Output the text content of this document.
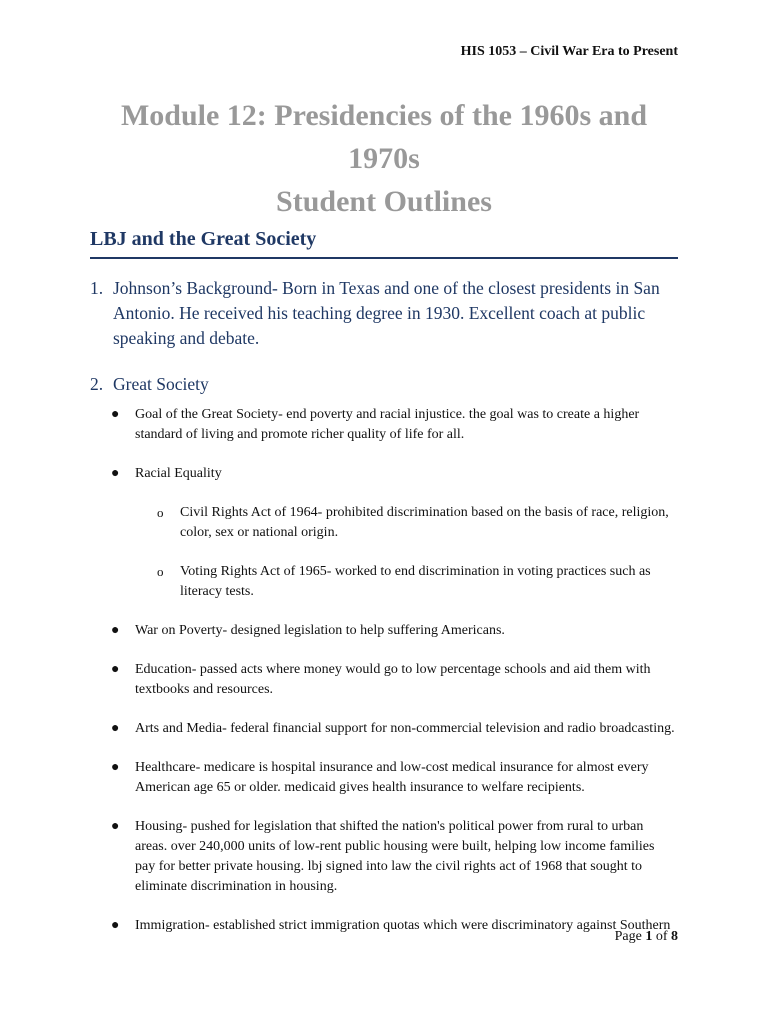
HIS 1053 – Civil War Era to Present
Module 12: Presidencies of the 1960s and
1970s
Student Outlines
LBJ and the Great Society
1. Johnson’s Background- Born in Texas and one of the closest presidents in San Antonio. He received his teaching degree in 1930. Excellent coach at public speaking and debate.
2. Great Society
●	Goal of the Great Society- end poverty and racial injustice. the goal was to create a higher standard of living and promote richer quality of life for all.
●	Racial Equality
o	Civil Rights Act of 1964- prohibited discrimination based on the basis of race, religion, color, sex or national origin.
o	Voting Rights Act of 1965- worked to end discrimination in voting practices such as literacy tests.
●	War on Poverty- designed legislation to help suffering Americans.
●	Education- passed acts where money would go to low percentage schools and aid them with textbooks and resources.
●	Arts and Media- federal financial support for non-commercial television and radio broadcasting.
●	Healthcare- medicare is hospital insurance and low-cost medical insurance for almost every American age 65 or older. medicaid gives health insurance to welfare recipients.
●	Housing- pushed for legislation that shifted the nation's political power from rural to urban areas. over 240,000 units of low-rent public housing were built, helping low income families pay for better private housing. lbj signed into law the civil rights act of 1968 that sought to eliminate discrimination in housing.
●	Immigration- established strict immigration quotas which were discriminatory against Southern
Page 1 of 8
